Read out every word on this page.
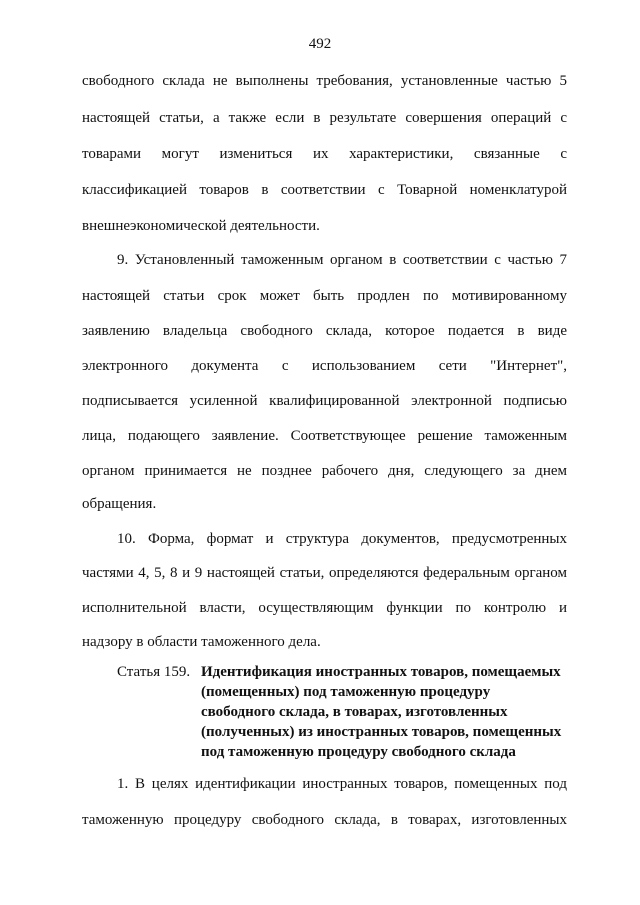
492
свободного склада не выполнены требования, установленные частью 5
настоящей статьи, а также если в результате совершения операций с
товарами могут измениться их характеристики, связанные с
классификацией товаров в соответствии с Товарной номенклатурой
внешнеэкономической деятельности.
9. Установленный таможенным органом в соответствии с частью 7
настоящей статьи срок может быть продлен по мотивированному
заявлению владельца свободного склада, которое подается в виде
электронного документа с использованием сети "Интернет",
подписывается усиленной квалифицированной электронной подписью
лица, подающего заявление. Соответствующее решение таможенным
органом принимается не позднее рабочего дня, следующего за днем
обращения.
10. Форма, формат и структура документов, предусмотренных
частями 4, 5, 8 и 9 настоящей статьи, определяются федеральным органом
исполнительной власти, осуществляющим функции по контролю и
надзору в области таможенного дела.
Статья 159. Идентификация иностранных товаров, помещаемых
(помещенных) под таможенную процедуру
свободного склада, в товарах, изготовленных
(полученных) из иностранных товаров, помещенных
под таможенную процедуру свободного склада
1. В целях идентификации иностранных товаров, помещенных под
таможенную процедуру свободного склада, в товарах, изготовленных
